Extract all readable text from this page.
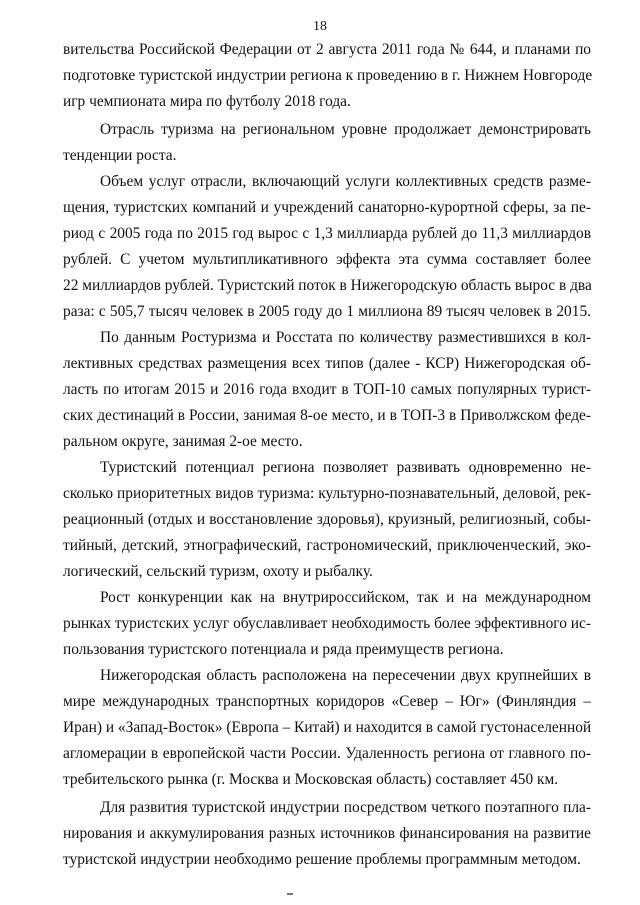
18
вительства Российской Федерации от 2 августа 2011 года № 644, и планами по
подготовке туристской индустрии региона к проведению в г. Нижнем Новгороде
игр чемпионата мира по футболу 2018 года.
Отрасль туризма на региональном уровне продолжает демонстрировать
тенденции роста.
Объем услуг отрасли, включающий услуги коллективных средств разме-
щения, туристских компаний и учреждений санаторно-курортной сферы, за пе-
риод с 2005 года по 2015 год вырос с 1,3 миллиарда рублей до 11,3 миллиардов
рублей. С учетом мультипликативного эффекта эта сумма составляет более
22 миллиардов рублей. Туристский поток в Нижегородскую область вырос в два
раза: с 505,7 тысяч человек в 2005 году до 1 миллиона 89 тысяч человек в 2015.
По данным Ростуризма и Росстата по количеству разместившихся в кол-
лективных средствах размещения всех типов (далее - КСР) Нижегородская об-
ласть по итогам 2015 и 2016 года входит в ТОП-10 самых популярных турист-
ских дестинаций в России, занимая 8-ое место, и в ТОП-3 в Приволжском феде-
ральном округе, занимая 2-ое место.
Туристский потенциал региона позволяет развивать одновременно не-
сколько приоритетных видов туризма: культурно-познавательный, деловой, рек-
реационный (отдых и восстановление здоровья), круизный, религиозный, собы-
тийный, детский, этнографический, гастрономический, приключенческий, эко-
логический, сельский туризм, охоту и рыбалку.
Рост конкуренции как на внутрироссийском, так и на международном
рынках туристских услуг обуславливает необходимость более эффективного ис-
пользования туристского потенциала и ряда преимуществ региона.
Нижегородская область расположена на пересечении двух крупнейших в
мире международных транспортных коридоров «Север – Юг» (Финляндия –
Иран) и «Запад-Восток» (Европа – Китай) и находится в самой густонаселенной
агломерации в европейской части России. Удаленность региона от главного по-
требительского рынка (г. Москва и Московская область) составляет 450 км.
Для развития туристской индустрии посредством четкого поэтапного пла-
нирования и аккумулирования разных источников финансирования на развитие
туристской индустрии необходимо решение проблемы программным методом.
